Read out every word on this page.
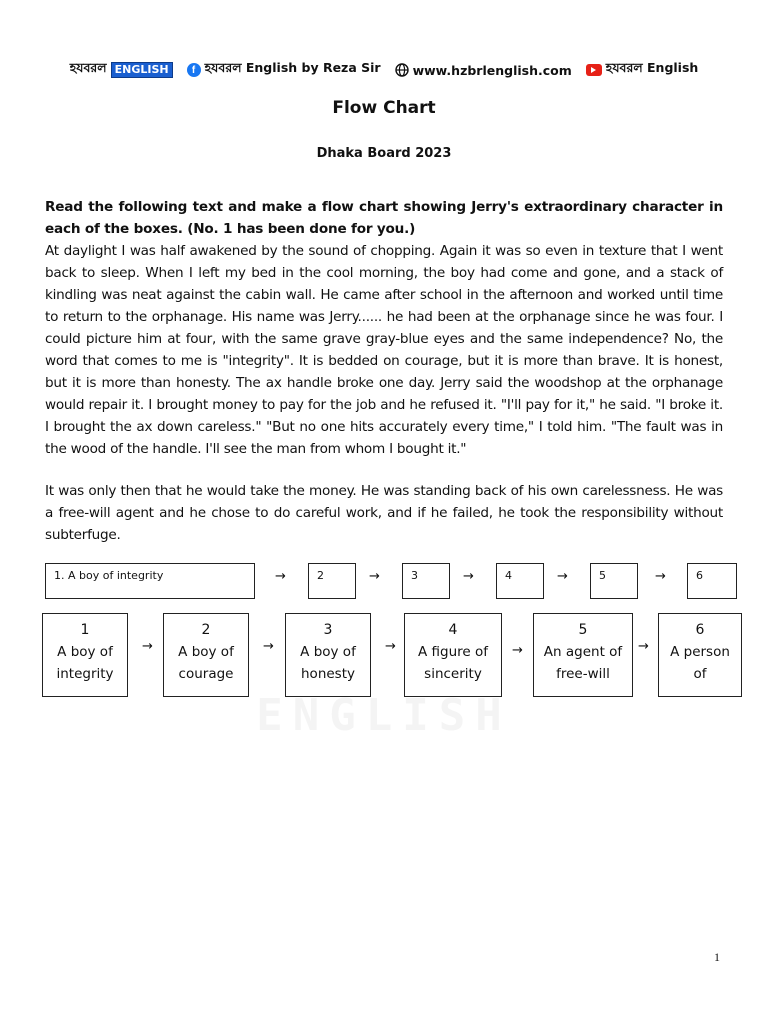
হযবরল ENGLISH	f হযবরল English by Reza Sir	www.hzbrlenglish.com	হযবরল English
Flow Chart
Dhaka Board 2023

Read the following text and make a flow chart showing Jerry's extraordinary character in each of the boxes. (No. 1 has been done for you.)

At daylight I was half awakened by the sound of chopping. Again it was so even in texture that I went back to sleep. When I left my bed in the cool morning, the boy had come and gone, and a stack of kindling was neat against the cabin wall. He came after school in the afternoon and worked until time to return to the orphanage. His name was Jerry...... he had been at the orphanage since he was four. I could picture him at four, with the same grave gray-blue eyes and the same independence? No, the word that comes to me is "integrity". It is bedded on courage, but it is more than brave. It is honest, but it is more than honesty. The ax handle broke one day. Jerry said the woodshop at the orphanage would repair it. I brought money to pay for the job and he refused it. "I'll pay for it," he said. "I broke it. I brought the ax down careless." "But no one hits accurately every time," I told him. "The fault was in the wood of the handle. I'll see the man from whom I bought it."

It was only then that he would take the money. He was standing back of his own carelessness. He was a free-will agent and he chose to do careful work, and if he failed, he took the responsibility without subterfuge.

1. A boy of integrity	→	2	→	3	→	4	→	5	→	6
1
A boy of
integrity
→
2
A boy of
courage
→
3
A boy of
honesty
→
4
A figure of
sincerity
→
5
An agent of
free-will
→
6
A person
of
ENGLISH
1
